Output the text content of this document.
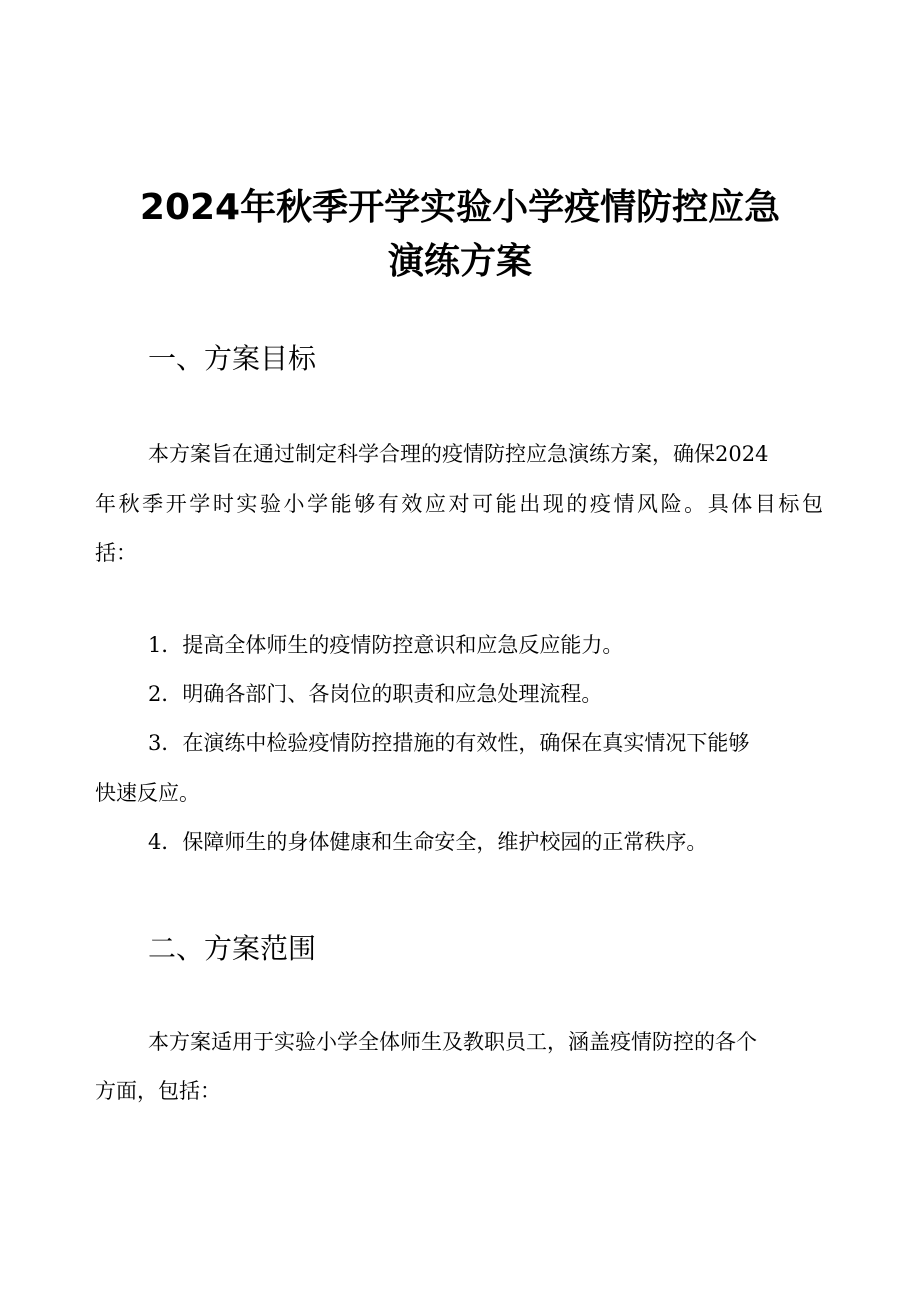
2024年秋季开学实验小学疫情防控应急
演练方案
一、方案目标
本方案旨在通过制定科学合理的疫情防控应急演练方案，确保2024
年秋季开学时实验小学能够有效应对可能出现的疫情风险。具体目标包
括：
1．提高全体师生的疫情防控意识和应急反应能力。
2．明确各部门、各岗位的职责和应急处理流程。
3．在演练中检验疫情防控措施的有效性，确保在真实情况下能够
快速反应。
4．保障师生的身体健康和生命安全，维护校园的正常秩序。
二、方案范围
本方案适用于实验小学全体师生及教职员工，涵盖疫情防控的各个
方面，包括：
